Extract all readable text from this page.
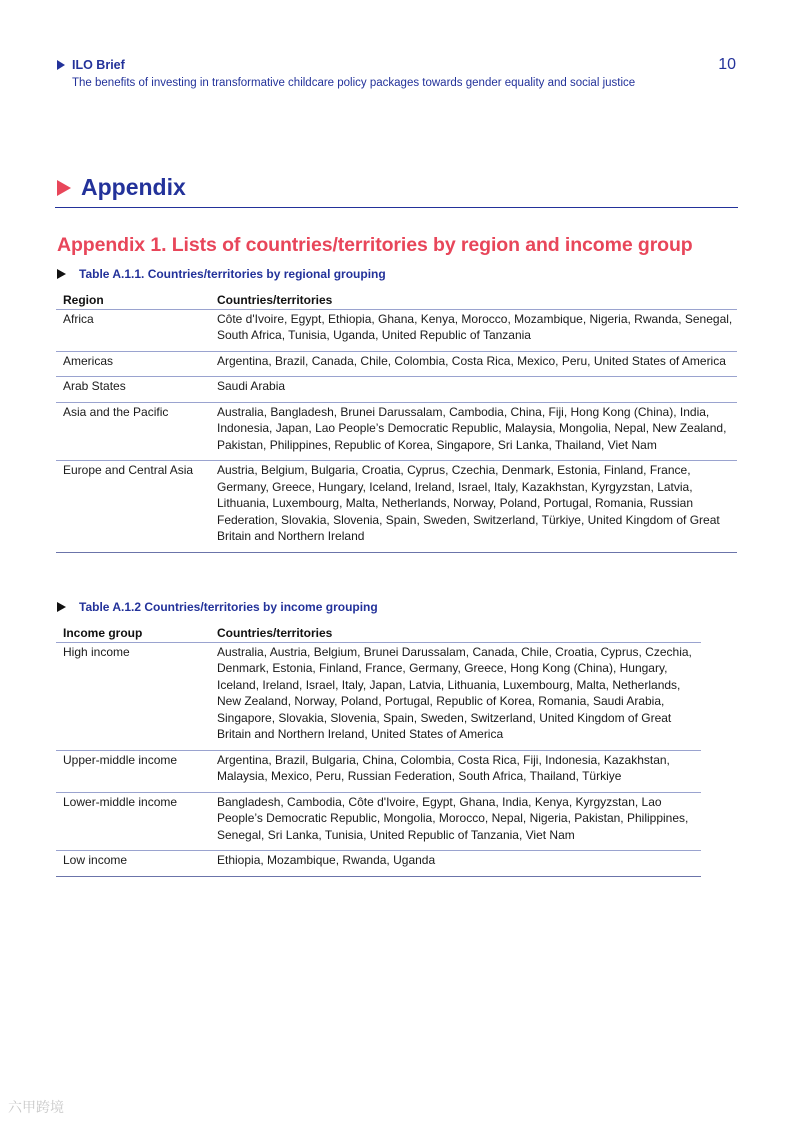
ILO Brief
The benefits of investing in transformative childcare policy packages towards gender equality and social justice
10
Appendix
Appendix 1. Lists of countries/territories by region and income group
Table A.1.1. Countries/territories by regional grouping
Region	Countries/territories
Africa	Côte d'Ivoire, Egypt, Ethiopia, Ghana, Kenya, Morocco, Mozambique, Nigeria, Rwanda, Senegal, South Africa, Tunisia, Uganda, United Republic of Tanzania
Americas	Argentina, Brazil, Canada, Chile, Colombia, Costa Rica, Mexico, Peru, United States of America
Arab States	Saudi Arabia
Asia and the Pacific	Australia, Bangladesh, Brunei Darussalam, Cambodia, China, Fiji, Hong Kong (China), India, Indonesia, Japan, Lao People’s Democratic Republic, Malaysia, Mongolia, Nepal, New Zealand, Pakistan, Philippines, Republic of Korea, Singapore, Sri Lanka, Thailand, Viet Nam
Europe and Central Asia	Austria, Belgium, Bulgaria, Croatia, Cyprus, Czechia, Denmark, Estonia, Finland, France, Germany, Greece, Hungary, Iceland, Ireland, Israel, Italy, Kazakhstan, Kyrgyzstan, Latvia, Lithuania, Luxembourg, Malta, Netherlands, Norway, Poland, Portugal, Romania, Russian Federation, Slovakia, Slovenia, Spain, Sweden, Switzerland, Türkiye, United Kingdom of Great Britain and Northern Ireland
Table A.1.2 Countries/territories by income grouping
Income group	Countries/territories
High income	Australia, Austria, Belgium, Brunei Darussalam, Canada, Chile, Croatia, Cyprus, Czechia, Denmark, Estonia, Finland, France, Germany, Greece, Hong Kong (China), Hungary, Iceland, Ireland, Israel, Italy, Japan, Latvia, Lithuania, Luxembourg, Malta, Netherlands, New Zealand, Norway, Poland, Portugal, Republic of Korea, Romania, Saudi Arabia, Singapore, Slovakia, Slovenia, Spain, Sweden, Switzerland, United Kingdom of Great Britain and Northern Ireland, United States of America
Upper-middle income	Argentina, Brazil, Bulgaria, China, Colombia, Costa Rica, Fiji, Indonesia, Kazakhstan, Malaysia, Mexico, Peru, Russian Federation, South Africa, Thailand, Türkiye
Lower-middle income	Bangladesh, Cambodia, Côte d'Ivoire, Egypt, Ghana, India, Kenya, Kyrgyzstan, Lao People’s Democratic Republic, Mongolia, Morocco, Nepal, Nigeria, Pakistan, Philippines, Senegal, Sri Lanka, Tunisia, United Republic of Tanzania, Viet Nam
Low income	Ethiopia, Mozambique, Rwanda, Uganda
六甲跨境
